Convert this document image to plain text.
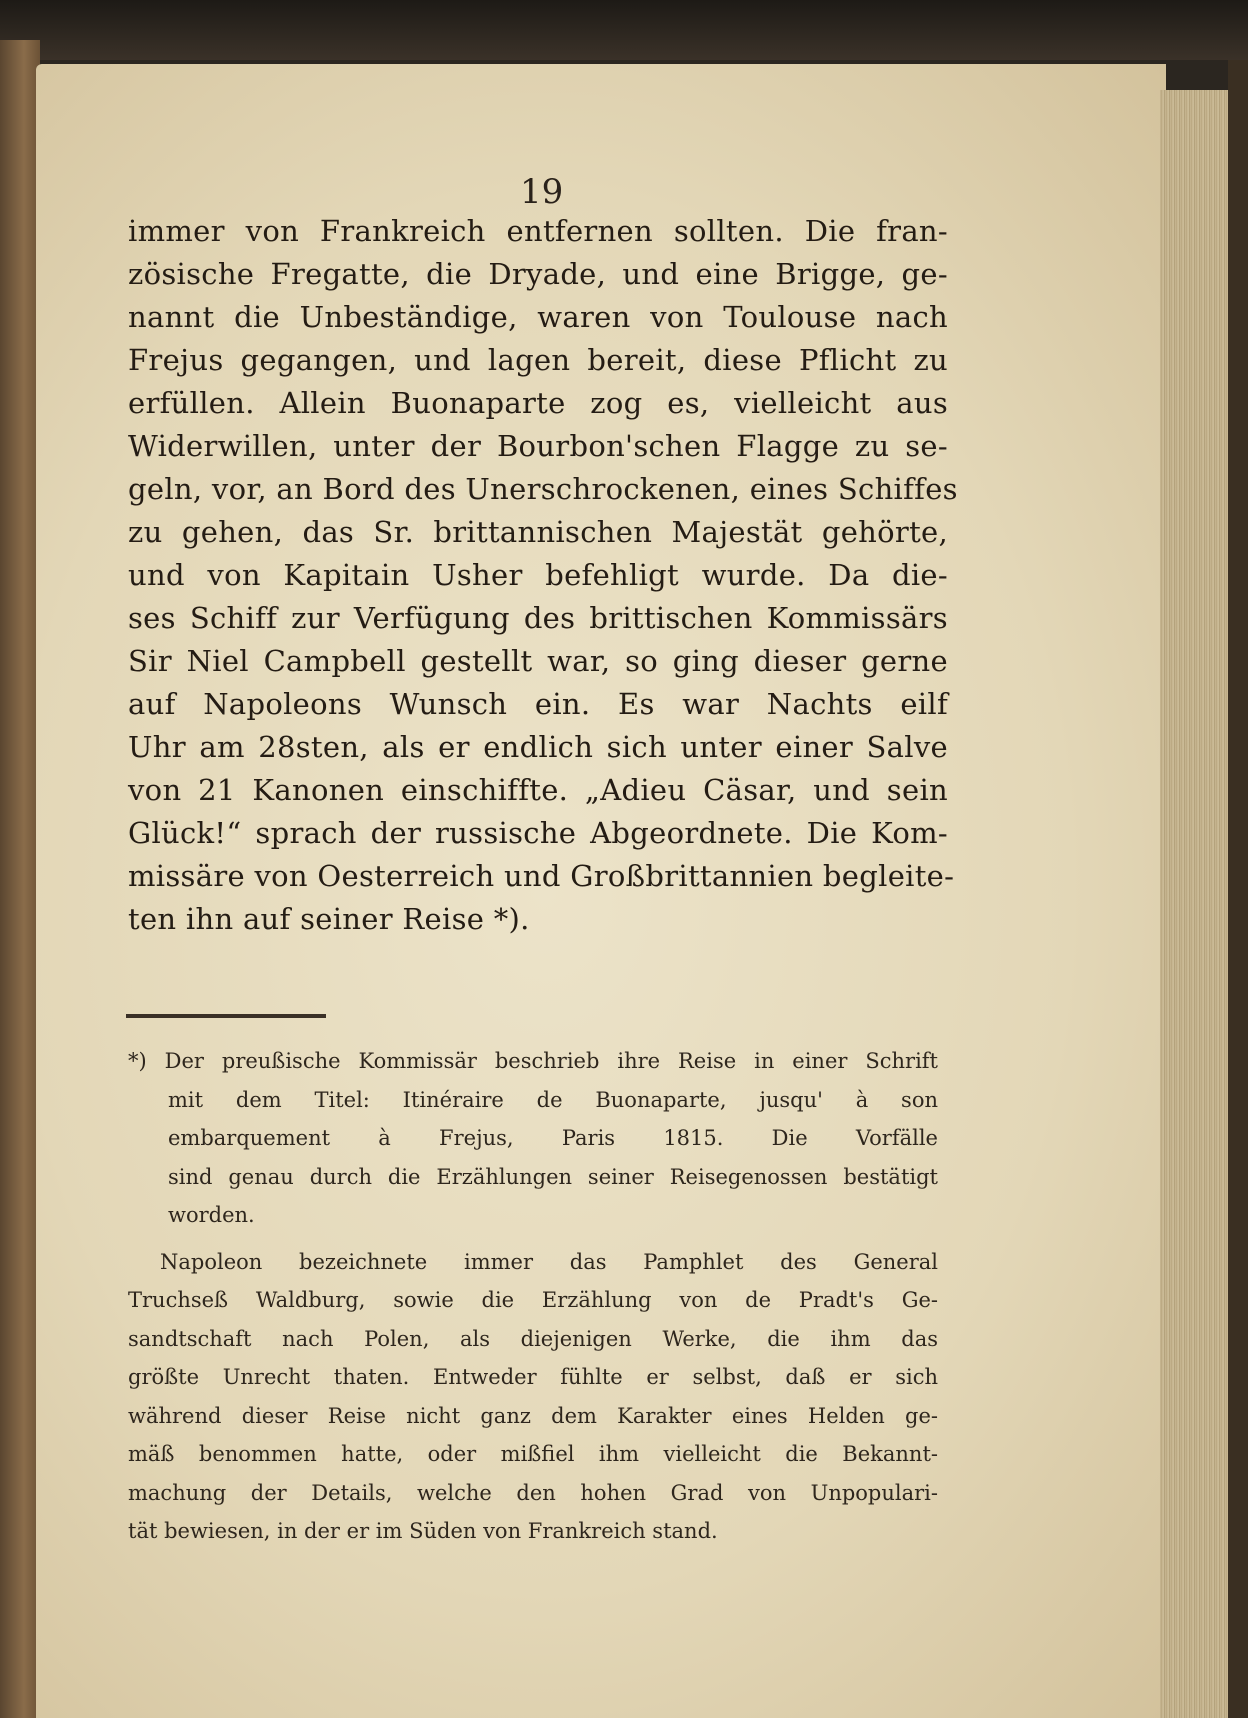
19
immer von Frankreich entfernen sollten. Die fran-
zösische Fregatte, die Dryade, und eine Brigge, ge-
nannt die Unbeständige, waren von Toulouse nach
Frejus gegangen, und lagen bereit, diese Pflicht zu
erfüllen. Allein Buonaparte zog es, vielleicht aus
Widerwillen, unter der Bourbon'schen Flagge zu se-
geln, vor, an Bord des Unerschrockenen, eines Schiffes
zu gehen, das Sr. brittannischen Majestät gehörte,
und von Kapitain Usher befehligt wurde. Da die-
ses Schiff zur Verfügung des brittischen Kommissärs
Sir Niel Campbell gestellt war, so ging dieser gerne
auf Napoleons Wunsch ein. Es war Nachts eilf
Uhr am 28sten, als er endlich sich unter einer Salve
von 21 Kanonen einschiffte. „Adieu Cäsar, und sein
Glück!“ sprach der russische Abgeordnete. Die Kom-
missäre von Oesterreich und Großbrittannien begleite-
ten ihn auf seiner Reise *).
*) Der preußische Kommissär beschrieb ihre Reise in einer Schrift
mit dem Titel: Itinéraire de Buonaparte, jusqu' à son
embarquement à Frejus, Paris 1815. Die Vorfälle
sind genau durch die Erzählungen seiner Reisegenossen bestätigt
worden.
Napoleon bezeichnete immer das Pamphlet des General
Truchseß Waldburg, sowie die Erzählung von de Pradt's Ge-
sandtschaft nach Polen, als diejenigen Werke, die ihm das
größte Unrecht thaten. Entweder fühlte er selbst, daß er sich
während dieser Reise nicht ganz dem Karakter eines Helden ge-
mäß benommen hatte, oder mißfiel ihm vielleicht die Bekannt-
machung der Details, welche den hohen Grad von Unpopulari-
tät bewiesen, in der er im Süden von Frankreich stand.
